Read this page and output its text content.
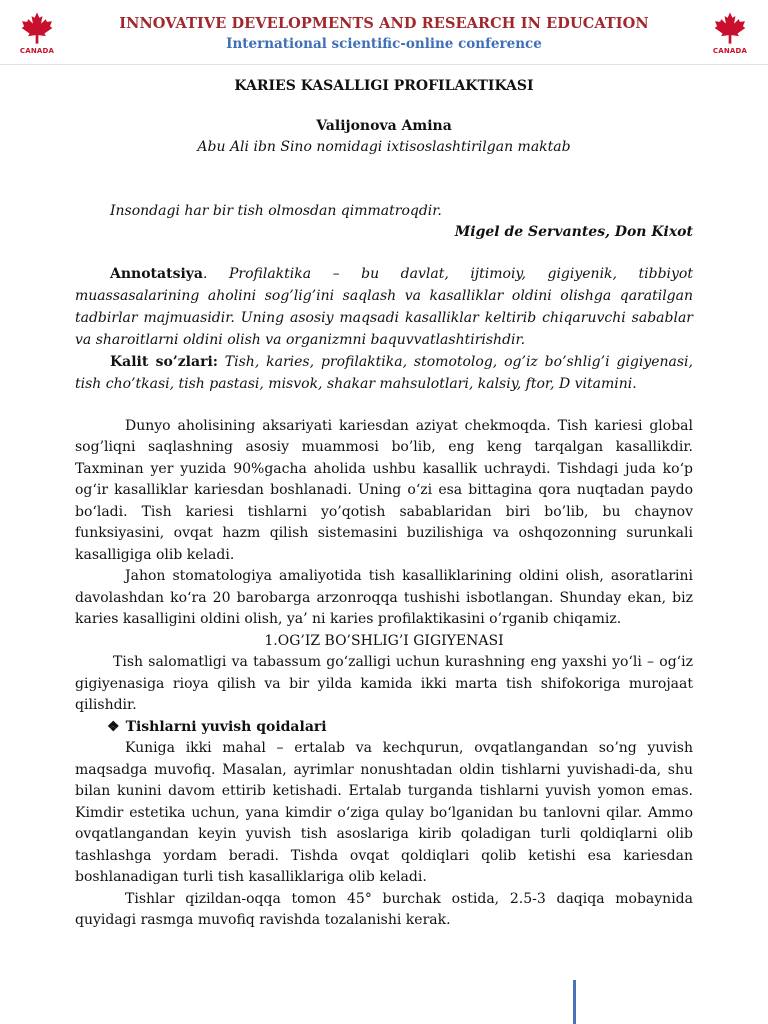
CANADA
INNOVATIVE DEVELOPMENTS AND RESEARCH IN EDUCATION
International scientific-online conference	CANADA

KARIES KASALLIGI PROFILAKTIKASI

Valijonova Amina

Abu Ali ibn Sino nomidagi ixtisoslashtirilgan maktab

Insondagi har bir tish olmosdan qimmatroqdir.

Migel de Servantes, Don Kixot

Annotatsiya. Profilaktika – bu davlat, ijtimoiy, gigiyenik, tibbiyot muassasalarining aholini sog’lig’ini saqlash va kasalliklar oldini olishga qaratilgan tadbirlar majmuasidir. Uning asosiy maqsadi kasalliklar keltirib chiqaruvchi sabablar va sharoitlarni oldini olish va organizmni baquvvatlashtirishdir.

Kalit so’zlari: Tish, karies, profilaktika, stomotolog, og’iz bo’shlig’i gigiyenasi, tish cho’tkasi, tish pastasi, misvok, shakar mahsulotlari, kalsiy, ftor, D vitamini.

Dunyo aholisining aksariyati kariesdan aziyat chekmoqda. Tish kariesi global sog’liqni saqlashning asosiy muammosi bo’lib, eng keng tarqalgan kasallikdir. Taxminan yer yuzida 90%gacha aholida ushbu kasallik uchraydi. Tishdagi juda ko‘p og‘ir kasalliklar kariesdan boshlanadi. Uning o‘zi esa bittagina qora nuqtadan paydo bo‘ladi. Tish kariesi tishlarni yo’qotish sabablaridan biri bo’lib, bu chaynov funksiyasini, ovqat hazm qilish sistemasini buzilishiga va oshqozonning surunkali kasalligiga olib keladi.

Jahon stomatologiya amaliyotida tish kasalliklarining oldini olish, asoratlarini davolashdan ko‘ra 20 barobarga arzonroqqa tushishi isbotlangan. Shunday ekan, biz karies kasalligini oldini olish, ya’ ni karies profilaktikasini o’rganib chiqamiz.

1.OG’IZ BO’SHLIG’I GIGIYENASI

Tish salomatligi va tabassum go‘zalligi uchun kurashning eng yaxshi yo‘li – og‘iz gigiyenasiga rioya qilish va bir yilda kamida ikki marta tish shifokoriga murojaat qilishdir.

❖ Tishlarni yuvish qoidalari

Kuniga ikki mahal – ertalab va kechqurun, ovqatlangandan so’ng yuvish maqsadga muvofiq. Masalan, ayrimlar nonushtadan oldin tishlarni yuvishadi-da, shu bilan kunini davom ettirib ketishadi. Ertalab turganda tishlarni yuvish yomon emas. Kimdir estetika uchun, yana kimdir o‘ziga qulay bo‘lganidan bu tanlovni qilar. Ammo ovqatlangandan keyin yuvish tish asoslariga kirib qoladigan turli qoldiqlarni olib tashlashga yordam beradi. Tishda ovqat qoldiqlari qolib ketishi esa kariesdan boshlanadigan turli tish kasalliklariga olib keladi.

Tishlar qizildan-oqqa tomon 45° burchak ostida, 2.5-3 daqiqa mobaynida quyidagi rasmga muvofiq ravishda tozalanishi kerak.
